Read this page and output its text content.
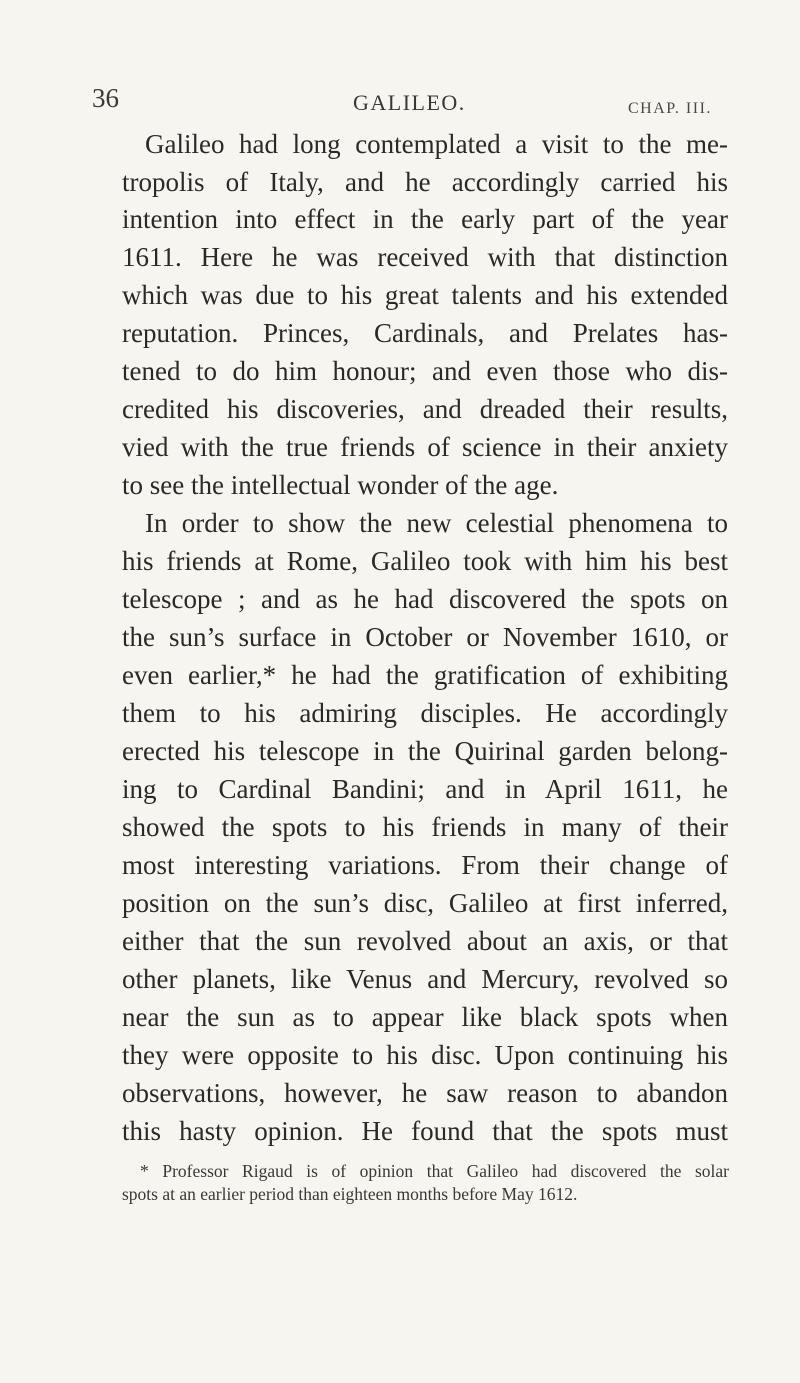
36	GALILEO.	CHAP. III.
Galileo had long contemplated a visit to the me-
tropolis of Italy, and he accordingly carried his
intention into effect in the early part of the year
1611. Here he was received with that distinction
which was due to his great talents and his extended
reputation. Princes, Cardinals, and Prelates has-
tened to do him honour; and even those who dis-
credited his discoveries, and dreaded their results,
vied with the true friends of science in their anxiety
to see the intellectual wonder of the age.
In order to show the new celestial phenomena to
his friends at Rome, Galileo took with him his best
telescope ; and as he had discovered the spots on
the sun’s surface in October or November 1610, or
even earlier,* he had the gratification of exhibiting
them to his admiring disciples. He accordingly
erected his telescope in the Quirinal garden belong-
ing to Cardinal Bandini; and in April 1611, he
showed the spots to his friends in many of their
most interesting variations. From their change of
position on the sun’s disc, Galileo at first inferred,
either that the sun revolved about an axis, or that
other planets, like Venus and Mercury, revolved so
near the sun as to appear like black spots when
they were opposite to his disc. Upon continuing his
observations, however, he saw reason to abandon
this hasty opinion. He found that the spots must
* Professor Rigaud is of opinion that Galileo had discovered the solar
spots at an earlier period than eighteen months before May 1612.
